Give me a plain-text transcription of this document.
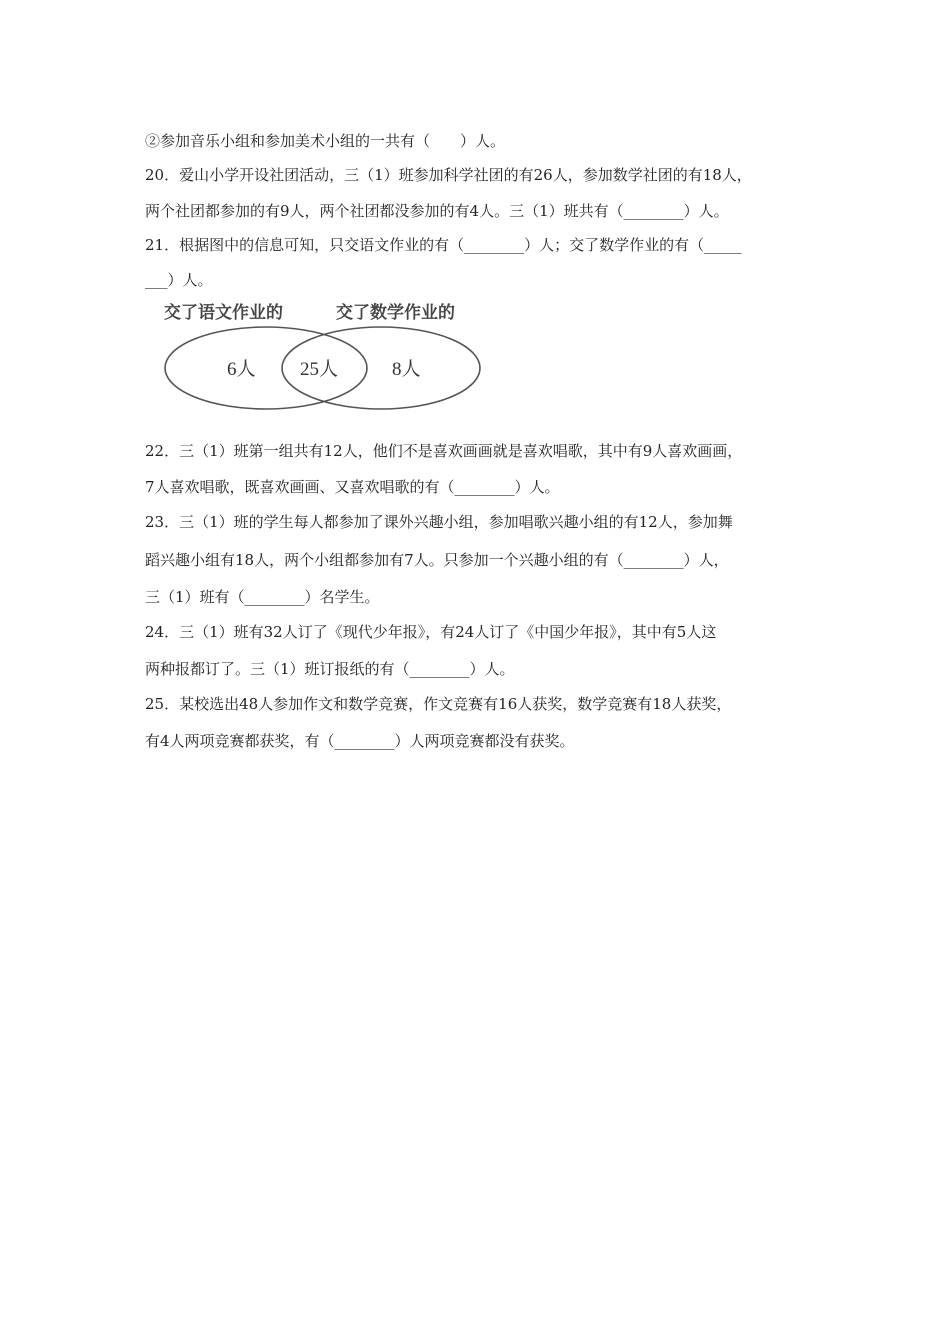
②参加音乐小组和参加美术小组的一共有（　　）人。
20．爱山小学开设社团活动，三（1）班参加科学社团的有26人，参加数学社团的有18人，
两个社团都参加的有9人，两个社团都没参加的有4人。三（1）班共有（________）人。
21．根据图中的信息可知，只交语文作业的有（________）人；交了数学作业的有（_____
___）人。
交了语文作业的	交了数学作业的
6人 25人	8人
22．三（1）班第一组共有12人，他们不是喜欢画画就是喜欢唱歌，其中有9人喜欢画画，
7人喜欢唱歌，既喜欢画画、又喜欢唱歌的有（________）人。
23．三（1）班的学生每人都参加了课外兴趣小组，参加唱歌兴趣小组的有12人，参加舞
蹈兴趣小组有18人，两个小组都参加有7人。只参加一个兴趣小组的有（________）人，
三（1）班有（________）名学生。
24．三（1）班有32人订了《现代少年报》，有24人订了《中国少年报》，其中有5人这
两种报都订了。三（1）班订报纸的有（________）人。
25．某校选出48人参加作文和数学竞赛，作文竞赛有16人获奖，数学竞赛有18人获奖，
有4人两项竞赛都获奖，有（________）人两项竞赛都没有获奖。
